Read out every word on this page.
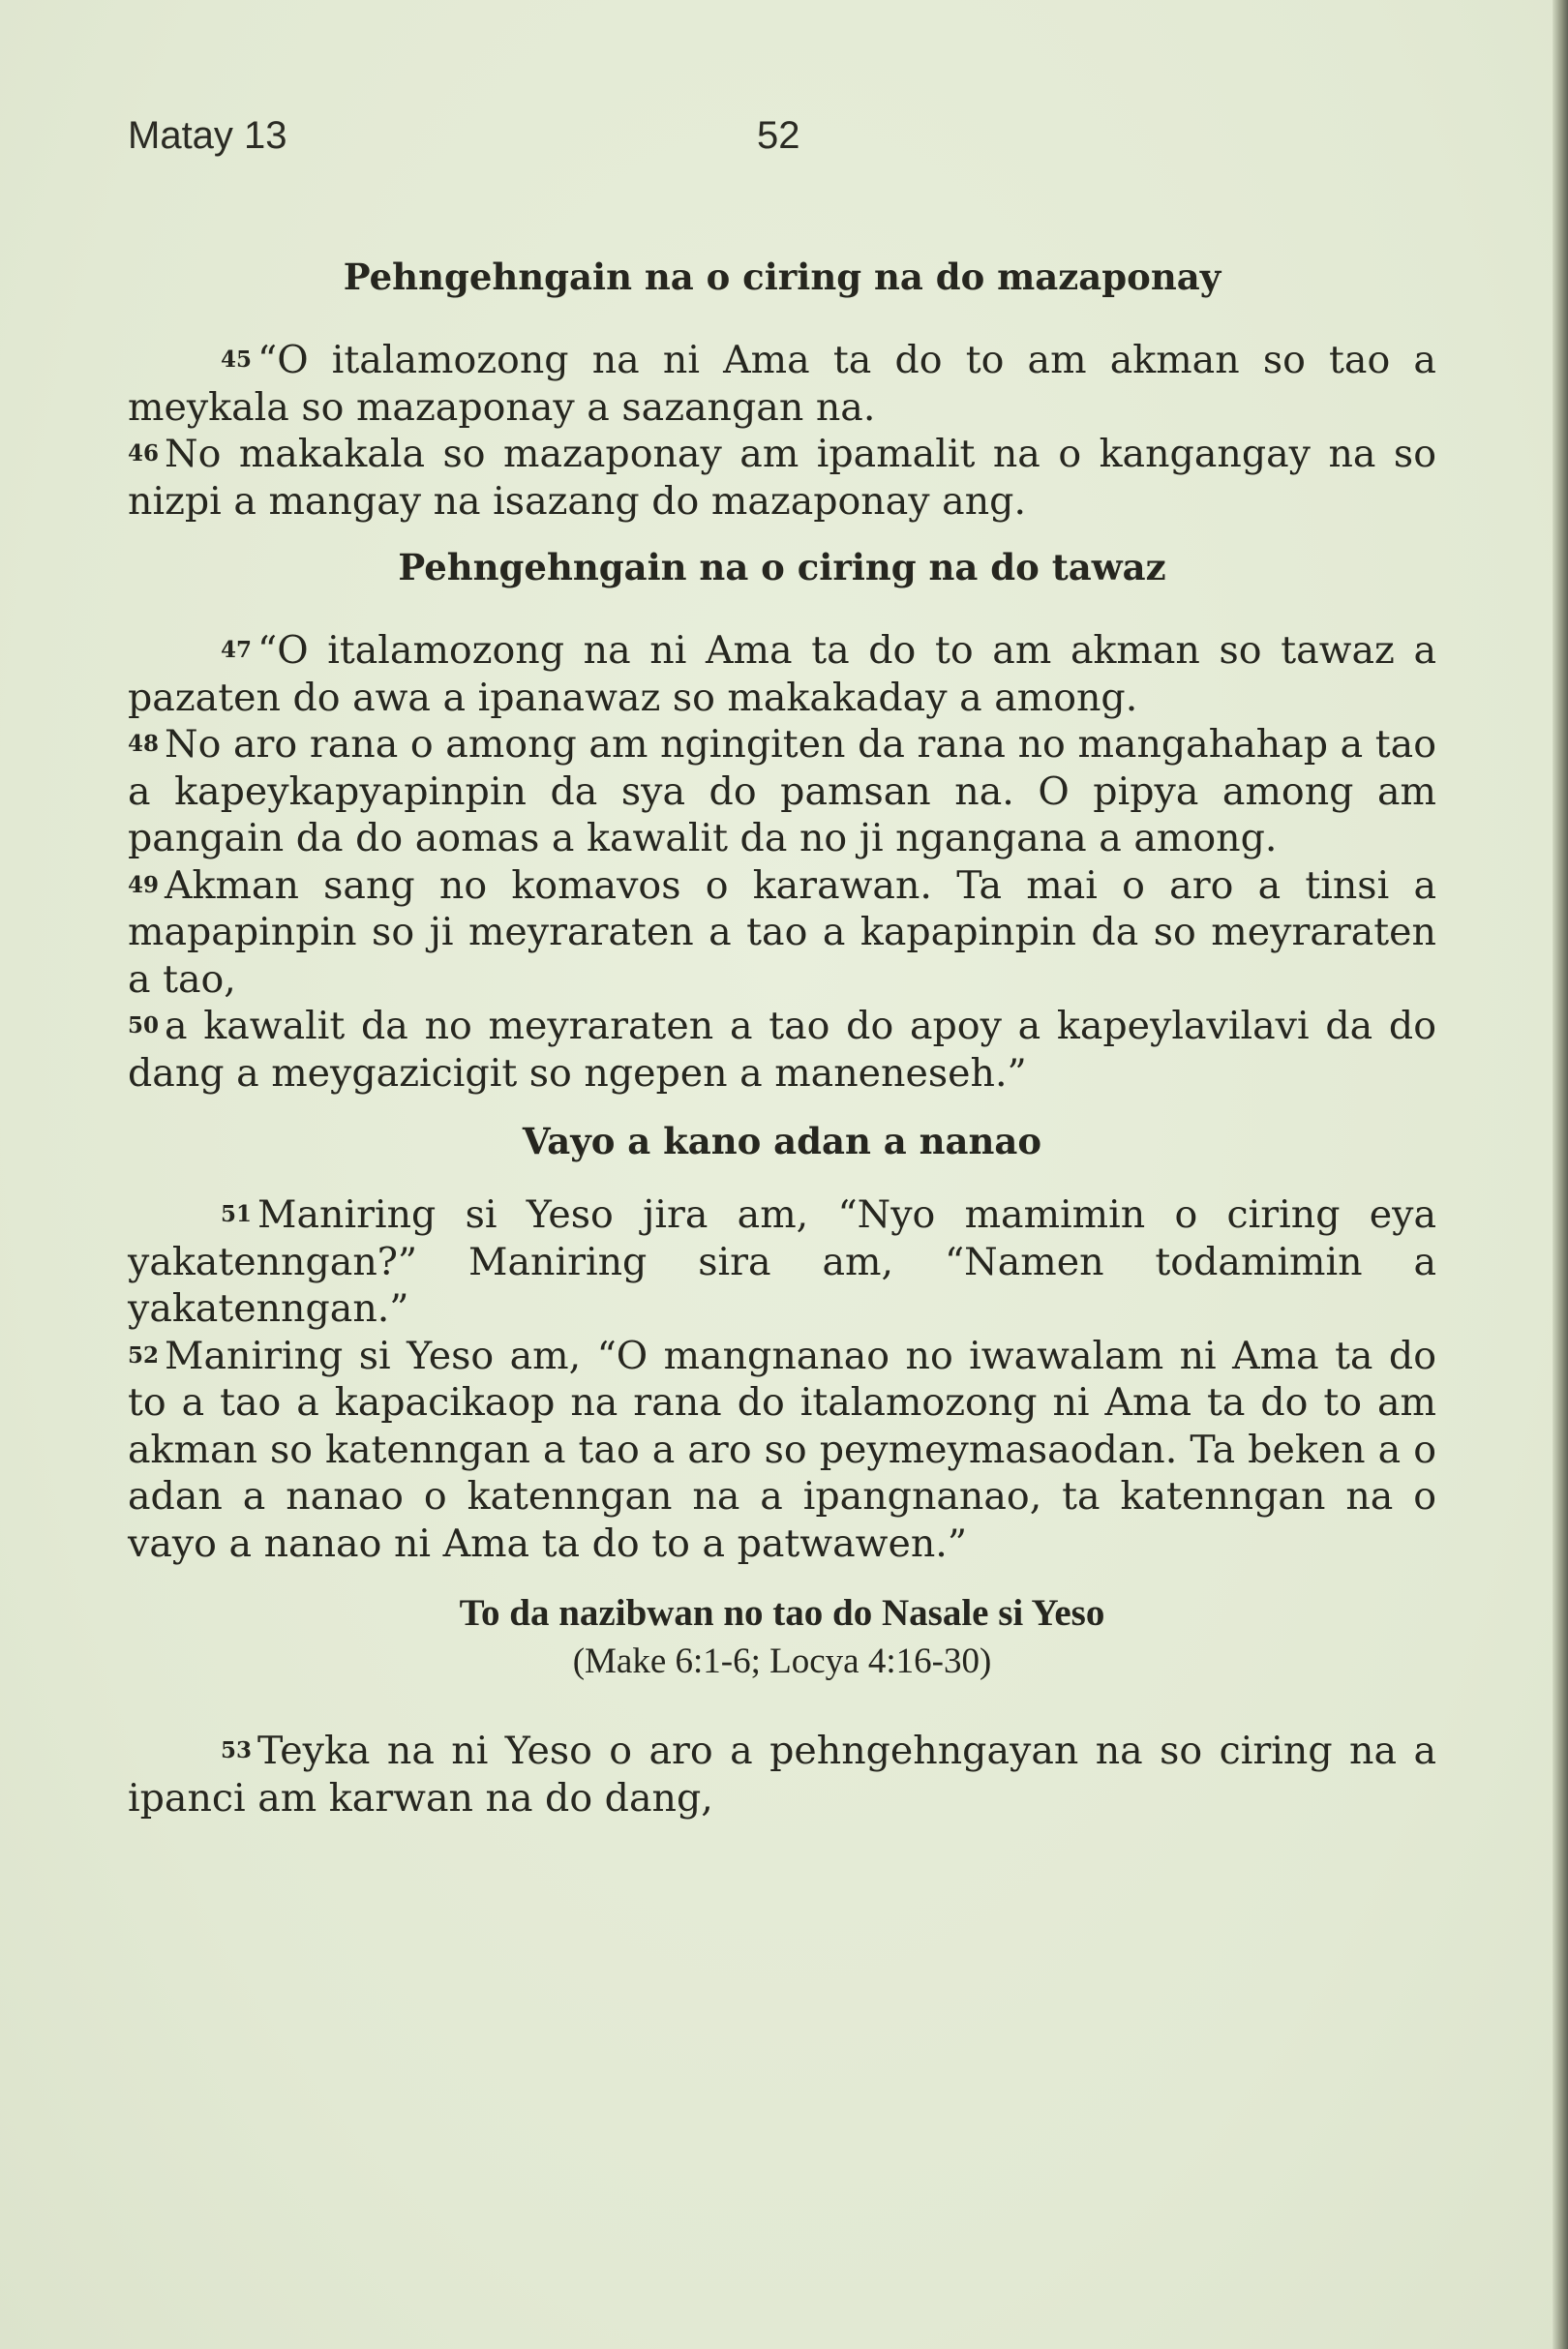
Matay 13	52
Pehngehngain na o ciring na do mazaponay

45 “O italamozong na ni Ama ta do to am akman so tao a meykala so mazaponay a sazangan na.

46 No makakala so mazaponay am ipamalit na o kangangay na so nizpi a mangay na isazang do mazaponay ang.

Pehngehngain na o ciring na do tawaz

47 “O italamozong na ni Ama ta do to am akman so tawaz a pazaten do awa a ipanawaz so makakaday a among.

48 No aro rana o among am ngingiten da rana no mangahahap a tao a kapeykapyapinpin da sya do pamsan na. O pipya among am pangain da do aomas a kawalit da no ji ngangana a among.

49 Akman sang no komavos o karawan. Ta mai o aro a tinsi a mapapinpin so ji meyraraten a tao a kapapinpin da so meyraraten a tao,

50 a kawalit da no meyraraten a tao do apoy a kapeylavilavi da do dang a meygazicigit so ngepen a maneneseh.”

Vayo a kano adan a nanao

51 Maniring si Yeso jira am, “Nyo mamimin o ciring eya yakatenngan?” Maniring sira am, “Namen todamimin a yakatenngan.”

52 Maniring si Yeso am, “O mangnanao no iwawalam ni Ama ta do to a tao a kapacikaop na rana do italamozong ni Ama ta do to am akman so katenngan a tao a aro so peymeymasaodan. Ta beken a o adan a nanao o katenngan na a ipangnanao, ta katenngan na o vayo a nanao ni Ama ta do to a patwawen.”

To da nazibwan no tao do Nasale si Yeso
(Make 6:1-6; Locya 4:16-30)

53 Teyka na ni Yeso o aro a pehngehngayan na so ciring na a ipanci am karwan na do dang,
